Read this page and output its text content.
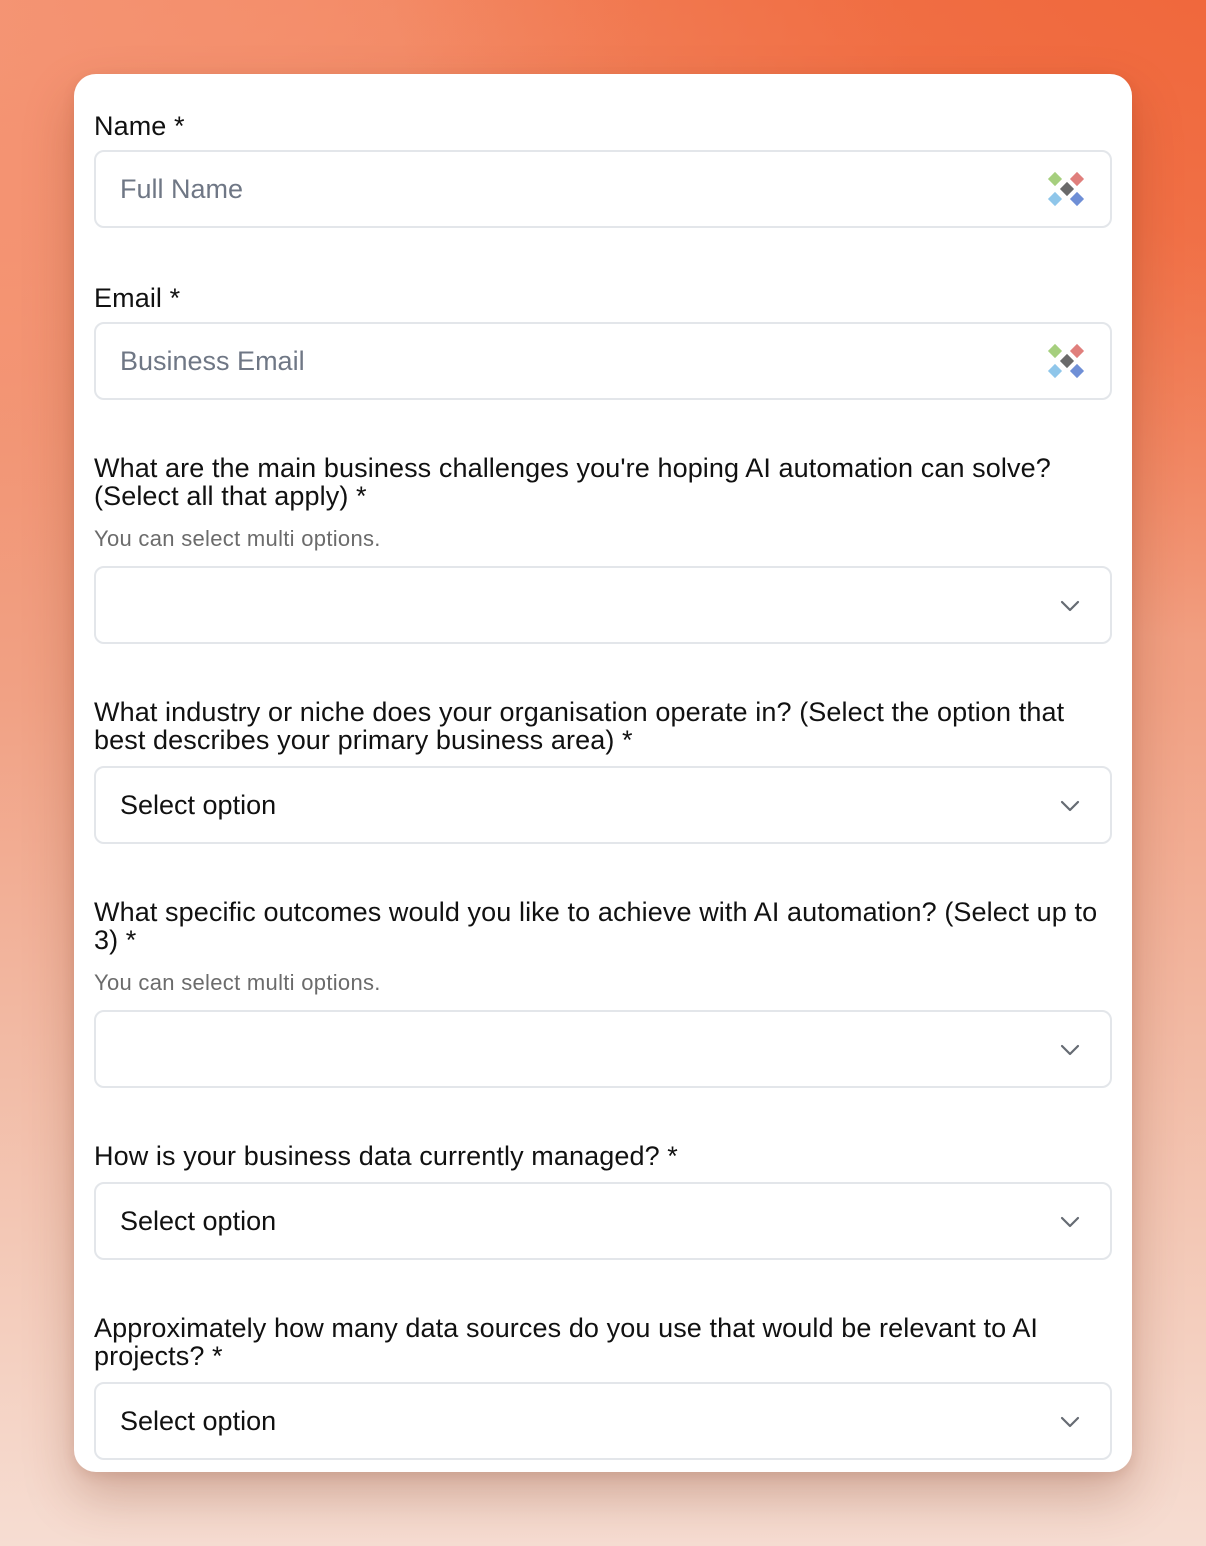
Name *
Full Name
Email *
Business Email
What are the main business challenges you're hoping AI automation can solve? (Select all that apply) *
You can select multi options.
What industry or niche does your organisation operate in? (Select the option that best describes your primary business area) *
Select option
What specific outcomes would you like to achieve with AI automation? (Select up to 3) *
You can select multi options.
How is your business data currently managed? *
Select option
Approximately how many data sources do you use that would be relevant to AI projects? *
Select option
